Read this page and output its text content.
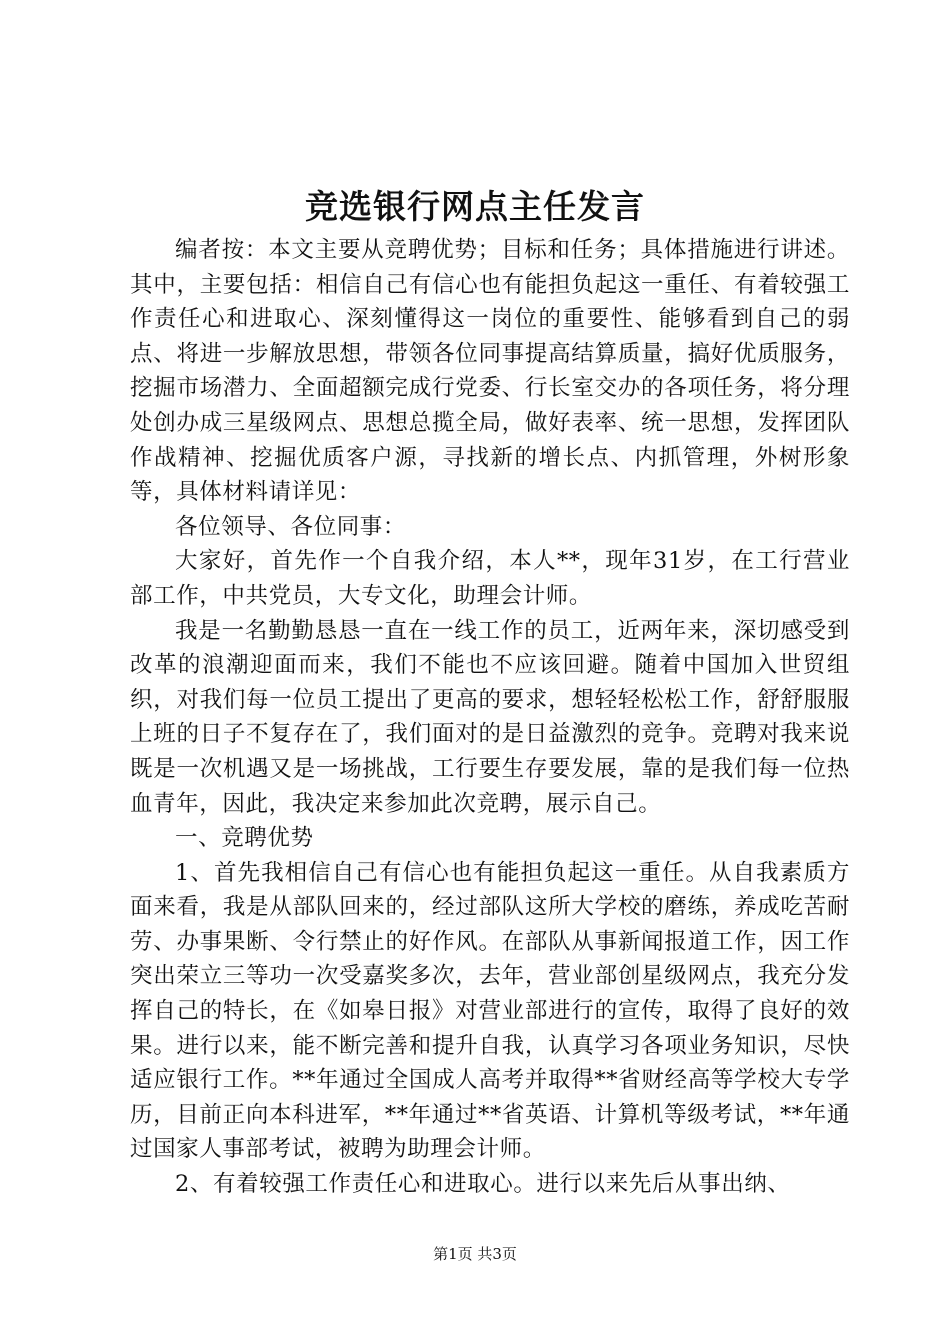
竞选银行网点主任发言

编者按：本文主要从竞聘优势；目标和任务；具体措施进行讲述。其中，主要包括：相信自己有信心也有能担负起这一重任、有着较强工作责任心和进取心、深刻懂得这一岗位的重要性、能够看到自己的弱点、将进一步解放思想，带领各位同事提高结算质量，搞好优质服务，挖掘市场潜力、全面超额完成行党委、行长室交办的各项任务，将分理处创办成三星级网点、思想总揽全局，做好表率、统一思想，发挥团队作战精神、挖掘优质客户源，寻找新的增长点、内抓管理，外树形象等，具体材料请详见：

各位领导、各位同事：

大家好，首先作一个自我介绍，本人**，现年31岁，在工行营业部工作，中共党员，大专文化，助理会计师。

我是一名勤勤恳恳一直在一线工作的员工，近两年来，深切感受到改革的浪潮迎面而来，我们不能也不应该回避。随着中国加入世贸组织，对我们每一位员工提出了更高的要求，想轻轻松松工作，舒舒服服上班的日子不复存在了，我们面对的是日益激烈的竞争。竞聘对我来说既是一次机遇又是一场挑战，工行要生存要发展，靠的是我们每一位热血青年，因此，我决定来参加此次竞聘，展示自己。

一、竞聘优势

1、首先我相信自己有信心也有能担负起这一重任。从自我素质方面来看，我是从部队回来的，经过部队这所大学校的磨练，养成吃苦耐劳、办事果断、令行禁止的好作风。在部队从事新闻报道工作，因工作突出荣立三等功一次受嘉奖多次，去年，营业部创星级网点，我充分发挥自己的特长，在《如皋日报》对营业部进行的宣传，取得了良好的效果。进行以来，能不断完善和提升自我，认真学习各项业务知识，尽快适应银行工作。**年通过全国成人高考并取得**省财经高等学校大专学历，目前正向本科进军，**年通过**省英语、计算机等级考试，**年通过国家人事部考试，被聘为助理会计师。

2、有着较强工作责任心和进取心。进行以来先后从事出纳、

第1页 共3页
